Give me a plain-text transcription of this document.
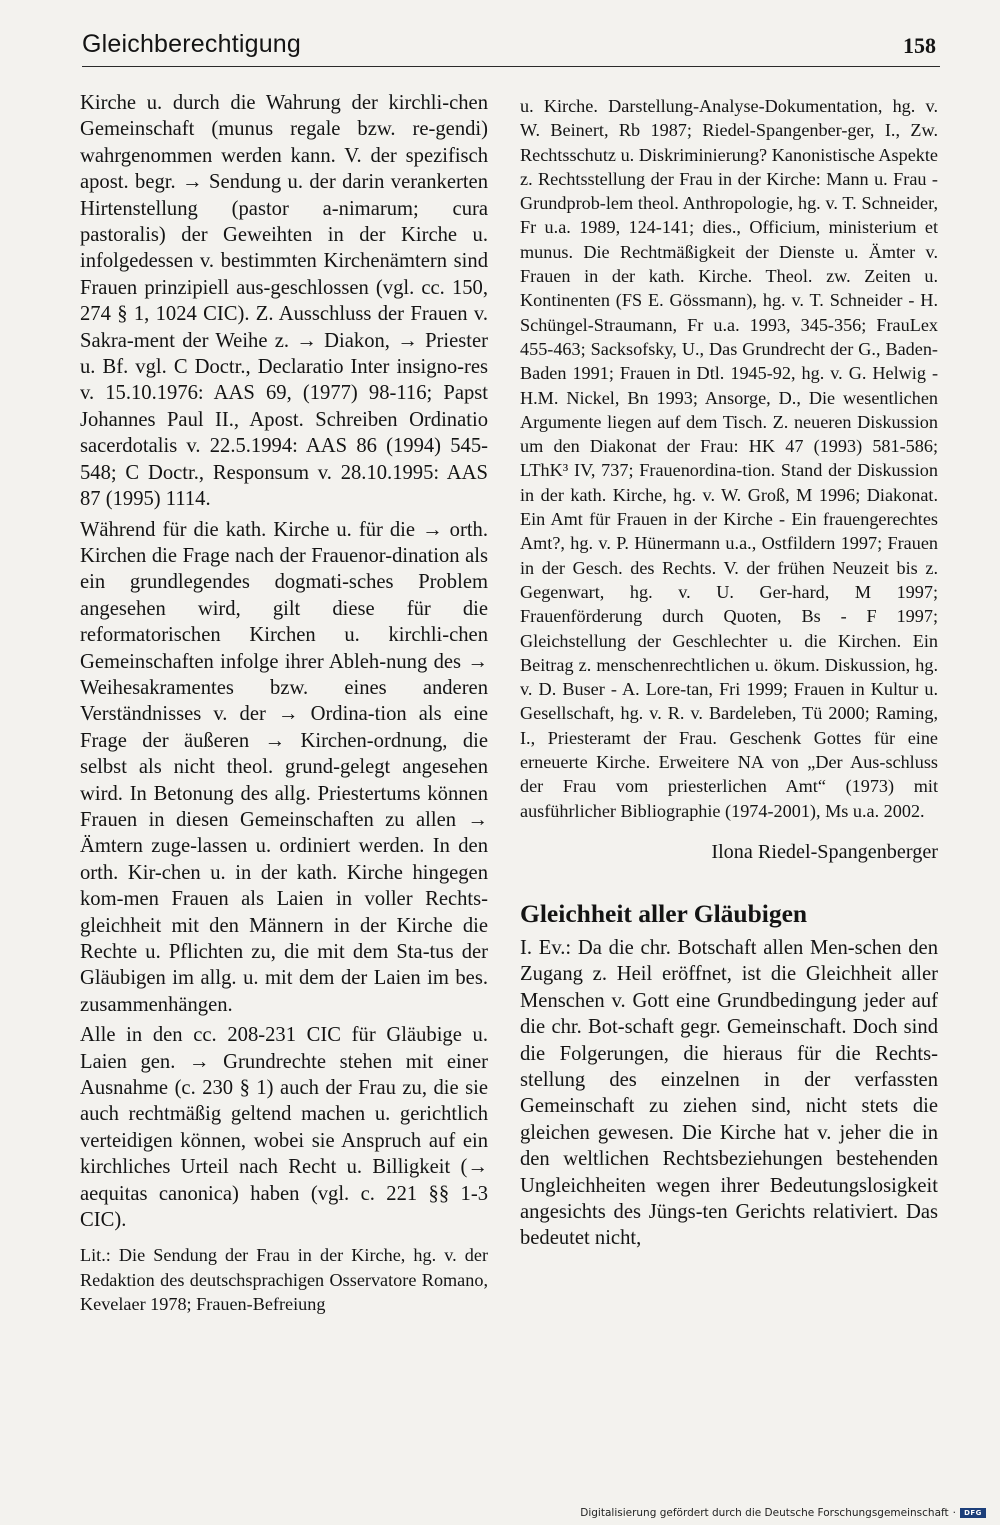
Gleichberechtigung	158

Kirche u. durch die Wahrung der kirchli-chen Gemeinschaft (munus regale bzw. re-gendi) wahrgenommen werden kann. V. der spezifisch apost. begr. → Sendung u. der darin verankerten Hirtenstellung (pastor a-nimarum; cura pastoralis) der Geweihten in der Kirche u. infolgedessen v. bestimmten Kirchenämtern sind Frauen prinzipiell aus-geschlossen (vgl. cc. 150, 274 § 1, 1024 CIC). Z. Ausschluss der Frauen v. Sakra-ment der Weihe z. → Diakon, → Priester u. Bf. vgl. C Doctr., Declaratio Inter insigno-res v. 15.10.1976: AAS 69, (1977) 98-116; Papst Johannes Paul II., Apost. Schreiben Ordinatio sacerdotalis v. 22.5.1994: AAS 86 (1994) 545-548; C Doctr., Responsum v. 28.10.1995: AAS 87 (1995) 1114.

Während für die kath. Kirche u. für die → orth. Kirchen die Frage nach der Frauenor-dination als ein grundlegendes dogmati-sches Problem angesehen wird, gilt diese für die reformatorischen Kirchen u. kirchli-chen Gemeinschaften infolge ihrer Ableh-nung des → Weihesakramentes bzw. eines anderen Verständnisses v. der → Ordina-tion als eine Frage der äußeren → Kirchen-ordnung, die selbst als nicht theol. grund-gelegt angesehen wird. In Betonung des allg. Priestertums können Frauen in diesen Gemeinschaften zu allen → Ämtern zuge-lassen u. ordiniert werden. In den orth. Kir-chen u. in der kath. Kirche hingegen kom-men Frauen als Laien in voller Rechts-gleichheit mit den Männern in der Kirche die Rechte u. Pflichten zu, die mit dem Sta-tus der Gläubigen im allg. u. mit dem der Laien im bes. zusammenhängen.

Alle in den cc. 208-231 CIC für Gläubige u. Laien gen. → Grundrechte stehen mit einer Ausnahme (c. 230 § 1) auch der Frau zu, die sie auch rechtmäßig geltend machen u. gerichtlich verteidigen können, wobei sie Anspruch auf ein kirchliches Urteil nach Recht u. Billigkeit (→ aequitas canonica) haben (vgl. c. 221 §§ 1-3 CIC).

Lit.: Die Sendung der Frau in der Kirche, hg. v. der Redaktion des deutschsprachigen Osservatore Romano, Kevelaer 1978; Frauen-Befreiung

u. Kirche. Darstellung-Analyse-Dokumentation, hg. v. W. Beinert, Rb 1987; Riedel-Spangenber-ger, I., Zw. Rechtsschutz u. Diskriminierung? Kanonistische Aspekte z. Rechtsstellung der Frau in der Kirche: Mann u. Frau - Grundprob-lem theol. Anthropologie, hg. v. T. Schneider, Fr u.a. 1989, 124-141; dies., Officium, ministerium et munus. Die Rechtmäßigkeit der Dienste u. Ämter v. Frauen in der kath. Kirche. Theol. zw. Zeiten u. Kontinenten (FS E. Gössmann), hg. v. T. Schneider - H. Schüngel-Straumann, Fr u.a. 1993, 345-356; FrauLex 455-463; Sacksofsky, U., Das Grundrecht der G., Baden-Baden 1991; Frauen in Dtl. 1945-92, hg. v. G. Helwig - H.M. Nickel, Bn 1993; Ansorge, D., Die wesentlichen Argumente liegen auf dem Tisch. Z. neueren Diskussion um den Diakonat der Frau: HK 47 (1993) 581-586; LThK³ IV, 737; Frauenordina-tion. Stand der Diskussion in der kath. Kirche, hg. v. W. Groß, M 1996; Diakonat. Ein Amt für Frauen in der Kirche - Ein frauengerechtes Amt?, hg. v. P. Hünermann u.a., Ostfildern 1997; Frauen in der Gesch. des Rechts. V. der frühen Neuzeit bis z. Gegenwart, hg. v. U. Ger-hard, M 1997; Frauenförderung durch Quoten, Bs - F 1997; Gleichstellung der Geschlechter u. die Kirchen. Ein Beitrag z. menschenrechtlichen u. ökum. Diskussion, hg. v. D. Buser - A. Lore-tan, Fri 1999; Frauen in Kultur u. Gesellschaft, hg. v. R. v. Bardeleben, Tü 2000; Raming, I., Priesteramt der Frau. Geschenk Gottes für eine erneuerte Kirche. Erweitere NA von „Der Aus-schluss der Frau vom priesterlichen Amt“ (1973) mit ausführlicher Bibliographie (1974-2001), Ms u.a. 2002.

Ilona Riedel-Spangenberger
Gleichheit aller Gläubigen

I. Ev.: Da die chr. Botschaft allen Men-schen den Zugang z. Heil eröffnet, ist die Gleichheit aller Menschen v. Gott eine Grundbedingung jeder auf die chr. Bot-schaft gegr. Gemeinschaft. Doch sind die Folgerungen, die hieraus für die Rechts-stellung des einzelnen in der verfassten Gemeinschaft zu ziehen sind, nicht stets die gleichen gewesen. Die Kirche hat v. jeher die in den weltlichen Rechtsbeziehungen bestehenden Ungleichheiten wegen ihrer Bedeutungslosigkeit angesichts des Jüngs-ten Gerichts relativiert. Das bedeutet nicht,

Digitalisierung gefördert durch die Deutsche Forschungsgemeinschaft ·	DFG
